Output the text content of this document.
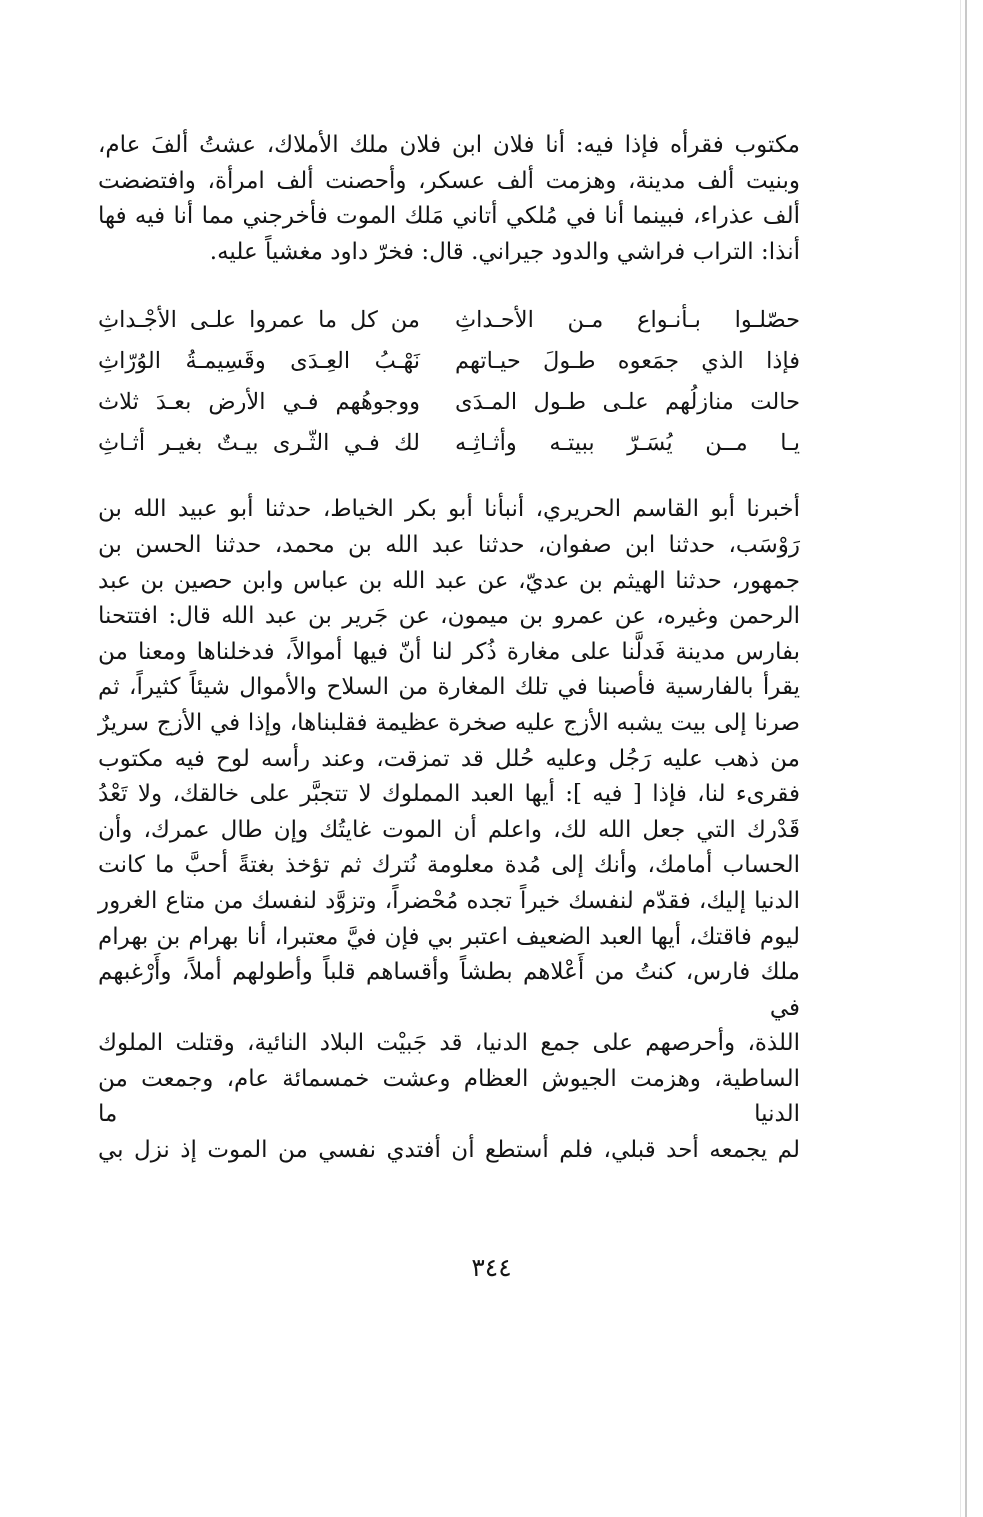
مكتوب فقرأه فإذا فيه: أنا فلان ابن فلان ملك الأملاك، عشتُ ألفَ عام،

وبنيت ألف مدينة، وهزمت ألف عسكر، وأحصنت ألف امرأة، وافتضضت

ألف عذراء، فبينما أنا في مُلكي أتاني مَلك الموت فأخرجني مما أنا فيه فها

أنذا: التراب فراشي والدود جيراني. قال: فخرّ داود مغشياً عليه.

حصّلـوا بـأنـواع مـن الأحـداثِ
من كل ما عمروا علـى الأجْـداثِ
فإذا الذي جمَعوه طـولَ حيـاتهم
نَهْـبُ العِـدَى وقَسِيمـةُ الوُرّاثِ
حالت منازلُهم علـى طـول المـدَى
ووجوهُهم فـي الأرض بعـدَ ثلاث
يـا مــن يُسَـرّ ببيتـه وأثـاثِـه
لك فـي الثّـرى بيـتٌ بغيـر أثـاثِ

أخبرنا أبو القاسم الحريري، أنبأنا أبو بكر الخياط، حدثنا أبو عبيد الله بن

رَوْسَب، حدثنا ابن صفوان، حدثنا عبد الله بن محمد، حدثنا الحسن بن

جمهور، حدثنا الهيثم بن عديّ، عن عبد الله بن عباس وابن حصين بن عبد

الرحمن وغيره، عن عمرو بن ميمون، عن جَرير بن عبد الله قال: افتتحنا

بفارس مدينة فَدلَّنا على مغارة ذُكر لنا أنّ فيها أموالاً، فدخلناها ومعنا من

يقرأ بالفارسية فأصبنا في تلك المغارة من السلاح والأموال شيئاً كثيراً، ثم

صرنا إلى بيت يشبه الأزج عليه صخرة عظيمة فقلبناها، وإذا في الأزج سريرٌ

من ذهب عليه رَجُل وعليه حُلل قد تمزقت، وعند رأسه لوح فيه مكتوب

فقرىء لنا، فإذا [ فيه ]: أيها العبد المملوك لا تتجبَّر على خالقك، ولا تَعْدُ

قَدْرك التي جعل الله لك، واعلم أن الموت غايتُك وإن طال عمرك، وأن

الحساب أمامك، وأنك إلى مُدة معلومة نُترك ثم تؤخذ بغتةً أحبَّ ما كانت

الدنيا إليك، فقدّم لنفسك خيراً تجده مُحْضراً، وتزوَّد لنفسك من متاع الغرور

ليوم فاقتك، أيها العبد الضعيف اعتبر بي فإن فيَّ معتبرا، أنا بهرام بن بهرام

ملك فارس، كنتُ من أَعْلاهم بطشاً وأقساهم قلباً وأطولهم أملاً، وأَرْغبهم في

اللذة، وأحرصهم على جمع الدنيا، قد جَبيْت البلاد النائية، وقتلت الملوك

الساطية، وهزمت الجيوش العظام وعشت خمسمائة عام، وجمعت من الدنيا ما

لم يجمعه أحد قبلي، فلم أستطع أن أفتدي نفسي من الموت إذ نزل بي

٣٤٤
